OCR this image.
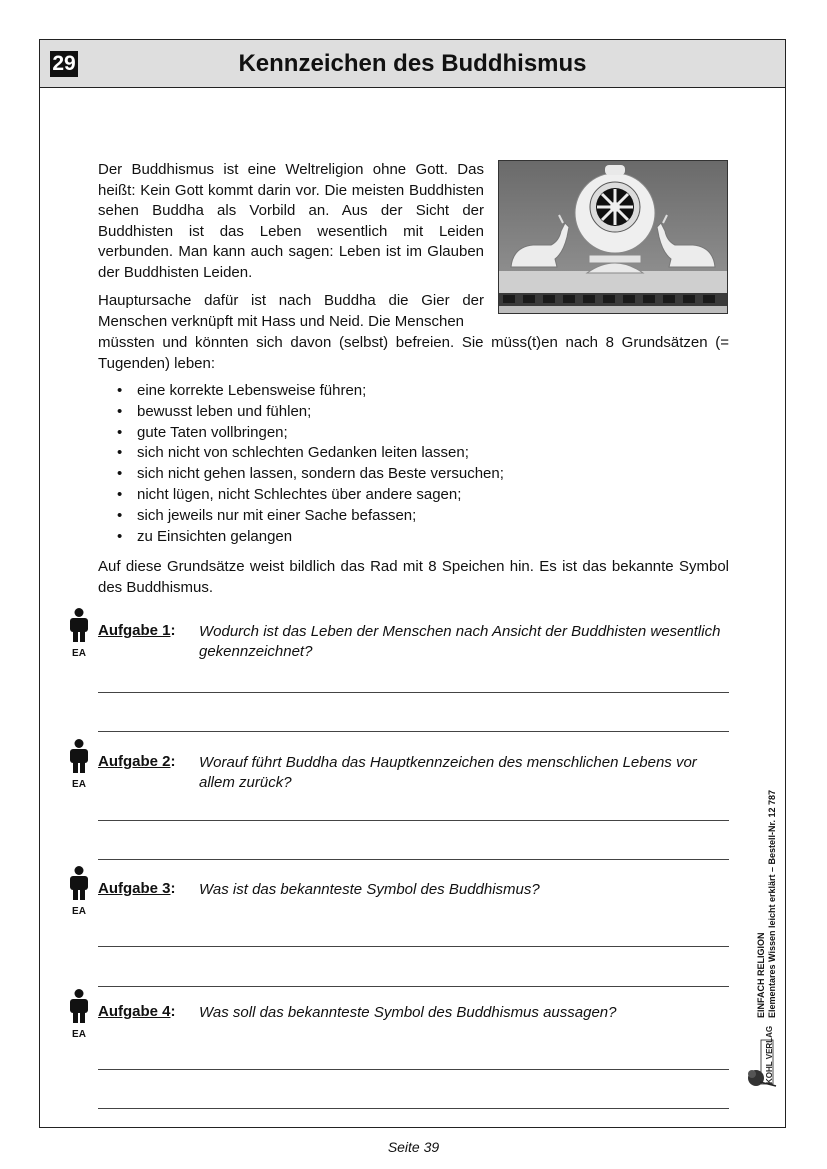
29	Kennzeichen des Buddhismus

Der Buddhismus ist eine Weltreligion ohne Gott. Das heißt: Kein Gott kommt darin vor. Die meisten Buddhisten sehen Buddha als Vorbild an. Aus der Sicht der Buddhisten ist das Leben wesentlich mit Leiden verbunden. Man kann auch sagen: Leben ist im Glauben der Buddhisten Leiden.

Hauptursache dafür ist nach Buddha die Gier der Menschen verknüpft mit Hass und Neid. Die Menschen

müssten und könnten sich davon (selbst) befreien. Sie müss(t)en nach 8 Grundsätzen (= Tugenden) leben:

• eine korrekte Lebensweise führen;
• bewusst leben und fühlen;
• gute Taten vollbringen;
• sich nicht von schlechten Gedanken leiten lassen;
• sich nicht gehen lassen, sondern das Beste versuchen;
• nicht lügen, nicht Schlechtes über andere sagen;
• sich jeweils nur mit einer Sache befassen;
• zu Einsichten gelangen

Auf diese Grundsätze weist bildlich das Rad mit 8 Speichen hin. Es ist das bekannte Symbol des Buddhismus.

EA
Aufgabe 1: Wodurch ist das Leben der Menschen nach Ansicht der Buddhisten wesentlich gekennzeichnet?
EA
Aufgabe 2: Worauf führt Buddha das Hauptkennzeichen des menschlichen Lebens vor allem zurück?
EA
Aufgabe 3: Was ist das bekannteste Symbol des Buddhismus?
EA
Aufgabe 4: Was soll das bekannteste Symbol des Buddhismus aussagen?	EINFACH RELIGION Elementares Wissen leicht erklärt – Bestell-Nr. 12 787
KOHL VERLAG
Seite 39
